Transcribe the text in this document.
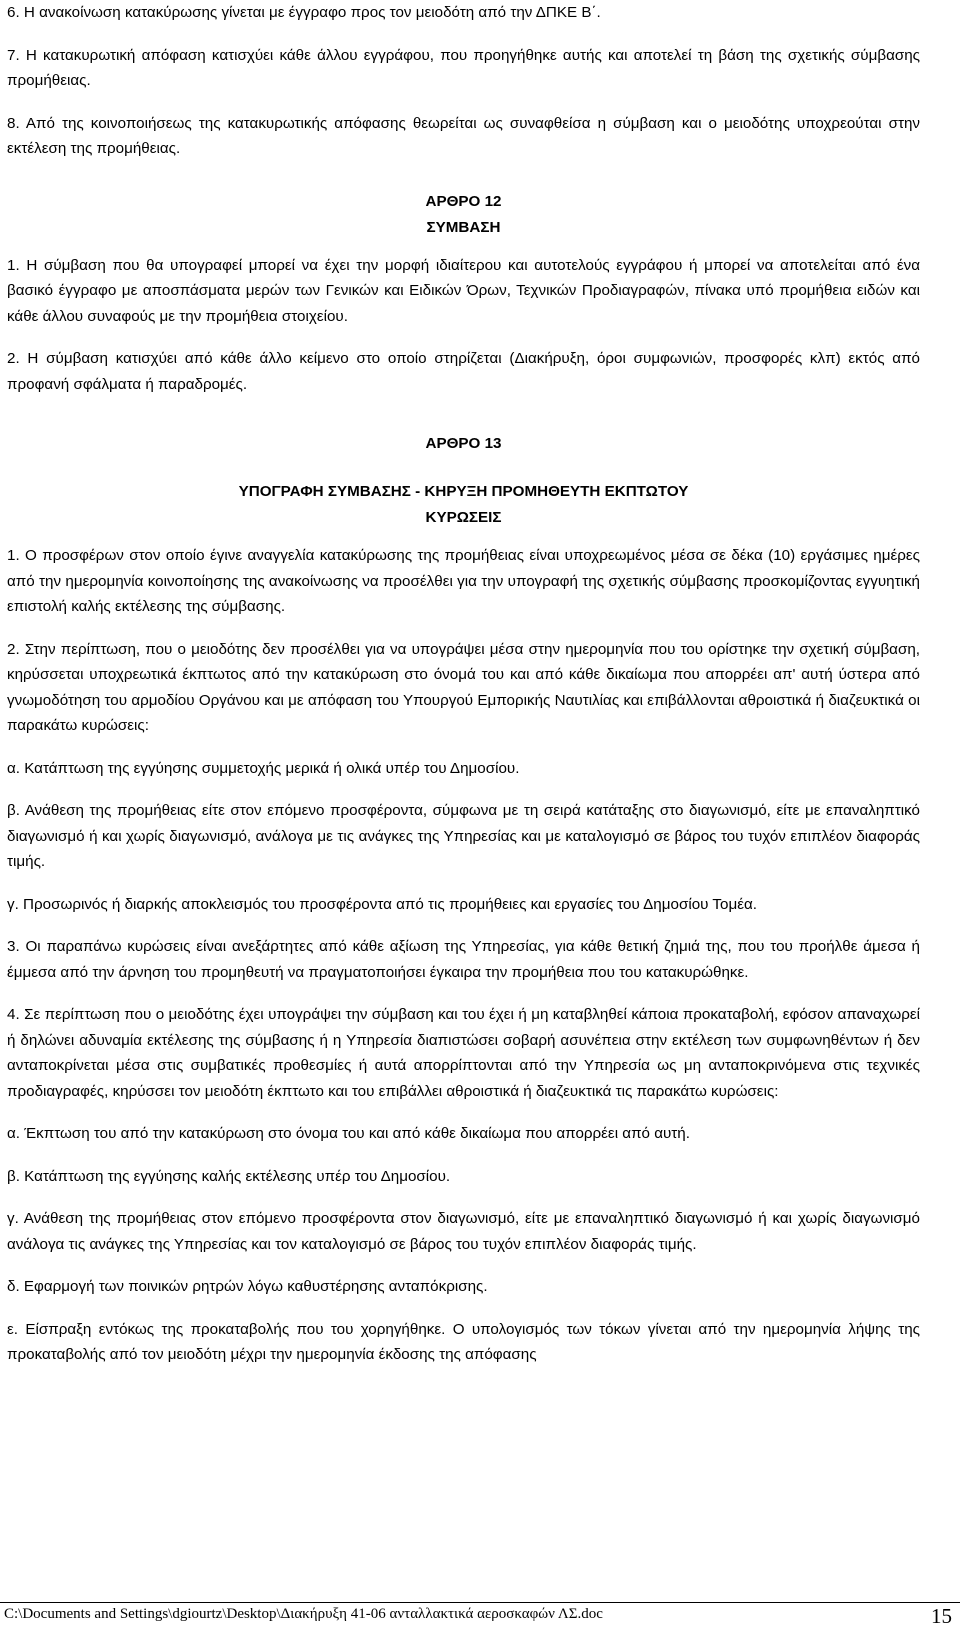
6. Η ανακοίνωση κατακύρωσης γίνεται με έγγραφο προς τον μειοδότη από την ΔΠΚΕ Β΄.

7. Η κατακυρωτική απόφαση κατισχύει κάθε άλλου εγγράφου, που προηγήθηκε αυτής και αποτελεί τη βάση της σχετικής σύμβασης προμήθειας.

8. Από της κοινοποιήσεως της κατακυρωτικής απόφασης θεωρείται ως συναφθείσα η σύμβαση και ο μειοδότης υποχρεούται στην εκτέλεση της προμήθειας.

ΑΡΘΡΟ 12
ΣΥΜΒΑΣΗ

1. Η σύμβαση που θα υπογραφεί μπορεί να έχει την μορφή ιδιαίτερου και αυτοτελούς εγγράφου ή μπορεί να αποτελείται από ένα βασικό έγγραφο με αποσπάσματα μερών των Γενικών και Ειδικών Όρων, Τεχνικών Προδιαγραφών, πίνακα υπό προμήθεια ειδών και κάθε άλλου συναφούς με την προμήθεια στοιχείου.

2. Η σύμβαση κατισχύει από κάθε άλλο κείμενο στο οποίο στηρίζεται (Διακήρυξη, όροι συμφωνιών, προσφορές κλπ) εκτός από προφανή σφάλματα ή παραδρομές.

ΑΡΘΡΟ 13
ΥΠΟΓΡΑΦΗ ΣΥΜΒΑΣΗΣ - ΚΗΡΥΞΗ ΠΡΟΜΗΘΕΥΤΗ ΕΚΠΤΩΤΟΥ
ΚΥΡΩΣΕΙΣ

1. Ο προσφέρων στον οποίο έγινε αναγγελία κατακύρωσης της προμήθειας είναι υποχρεωμένος μέσα σε δέκα (10) εργάσιμες ημέρες από την ημερομηνία κοινοποίησης της ανακοίνωσης να προσέλθει για την υπογραφή της σχετικής σύμβασης προσκομίζοντας εγγυητική επιστολή καλής εκτέλεσης της σύμβασης.

2. Στην περίπτωση, που ο μειοδότης δεν προσέλθει για να υπογράψει μέσα στην ημερομηνία που του ορίστηκε την σχετική σύμβαση, κηρύσσεται υποχρεωτικά έκπτωτος από την κατακύρωση στο όνομά του και από κάθε δικαίωμα που απορρέει απ' αυτή ύστερα από γνωμοδότηση του αρμοδίου Οργάνου και με απόφαση του Υπουργού Εμπορικής Ναυτιλίας και επιβάλλονται αθροιστικά ή διαζευκτικά οι παρακάτω κυρώσεις:

α. Κατάπτωση της εγγύησης συμμετοχής μερικά ή ολικά υπέρ του Δημοσίου.

β. Ανάθεση της προμήθειας είτε στον επόμενο προσφέροντα, σύμφωνα με τη σειρά κατάταξης στο διαγωνισμό, είτε με επαναληπτικό διαγωνισμό ή και χωρίς διαγωνισμό, ανάλογα με τις ανάγκες της Υπηρεσίας και με καταλογισμό σε βάρος του τυχόν επιπλέον διαφοράς τιμής.

γ. Προσωρινός ή διαρκής αποκλεισμός του προσφέροντα από τις προμήθειες και εργασίες του Δημοσίου Τομέα.

3. Οι παραπάνω κυρώσεις είναι ανεξάρτητες από κάθε αξίωση της Υπηρεσίας, για κάθε θετική ζημιά της, που του προήλθε άμεσα ή έμμεσα από την άρνηση του προμηθευτή να πραγματοποιήσει έγκαιρα την προμήθεια που του κατακυρώθηκε.

4. Σε περίπτωση που ο μειοδότης έχει υπογράψει την σύμβαση και του έχει ή μη καταβληθεί κάποια προκαταβολή, εφόσον απαναχωρεί ή δηλώνει αδυναμία εκτέλεσης της σύμβασης ή η Υπηρεσία διαπιστώσει σοβαρή ασυνέπεια στην εκτέλεση των συμφωνηθέντων ή δεν ανταποκρίνεται μέσα στις συμβατικές προθεσμίες ή αυτά απορρίπτονται από την Υπηρεσία ως μη ανταποκρινόμενα στις τεχνικές προδιαγραφές, κηρύσσει τον μειοδότη έκπτωτο και του επιβάλλει αθροιστικά ή διαζευκτικά τις παρακάτω κυρώσεις:

α. Έκπτωση του από την κατακύρωση στο όνομα του και από κάθε δικαίωμα που απορρέει από αυτή.

β. Κατάπτωση της εγγύησης καλής εκτέλεσης υπέρ του Δημοσίου.

γ. Ανάθεση της προμήθειας στον επόμενο προσφέροντα στον διαγωνισμό, είτε με επαναληπτικό διαγωνισμό ή και χωρίς διαγωνισμό ανάλογα τις ανάγκες της Υπηρεσίας και τον καταλογισμό σε βάρος του τυχόν επιπλέον διαφοράς τιμής.

δ. Εφαρμογή των ποινικών ρητρών λόγω καθυστέρησης ανταπόκρισης.

ε. Είσπραξη εντόκως της προκαταβολής που του χορηγήθηκε. Ο υπολογισμός των τόκων γίνεται από την ημερομηνία λήψης της προκαταβολής από τον μειοδότη μέχρι την ημερομηνία έκδοσης της απόφασης

C:\Documents and Settings\dgiourtz\Desktop\Διακήρυξη 41-06 ανταλλακτικά αεροσκαφών ΛΣ.doc	15
